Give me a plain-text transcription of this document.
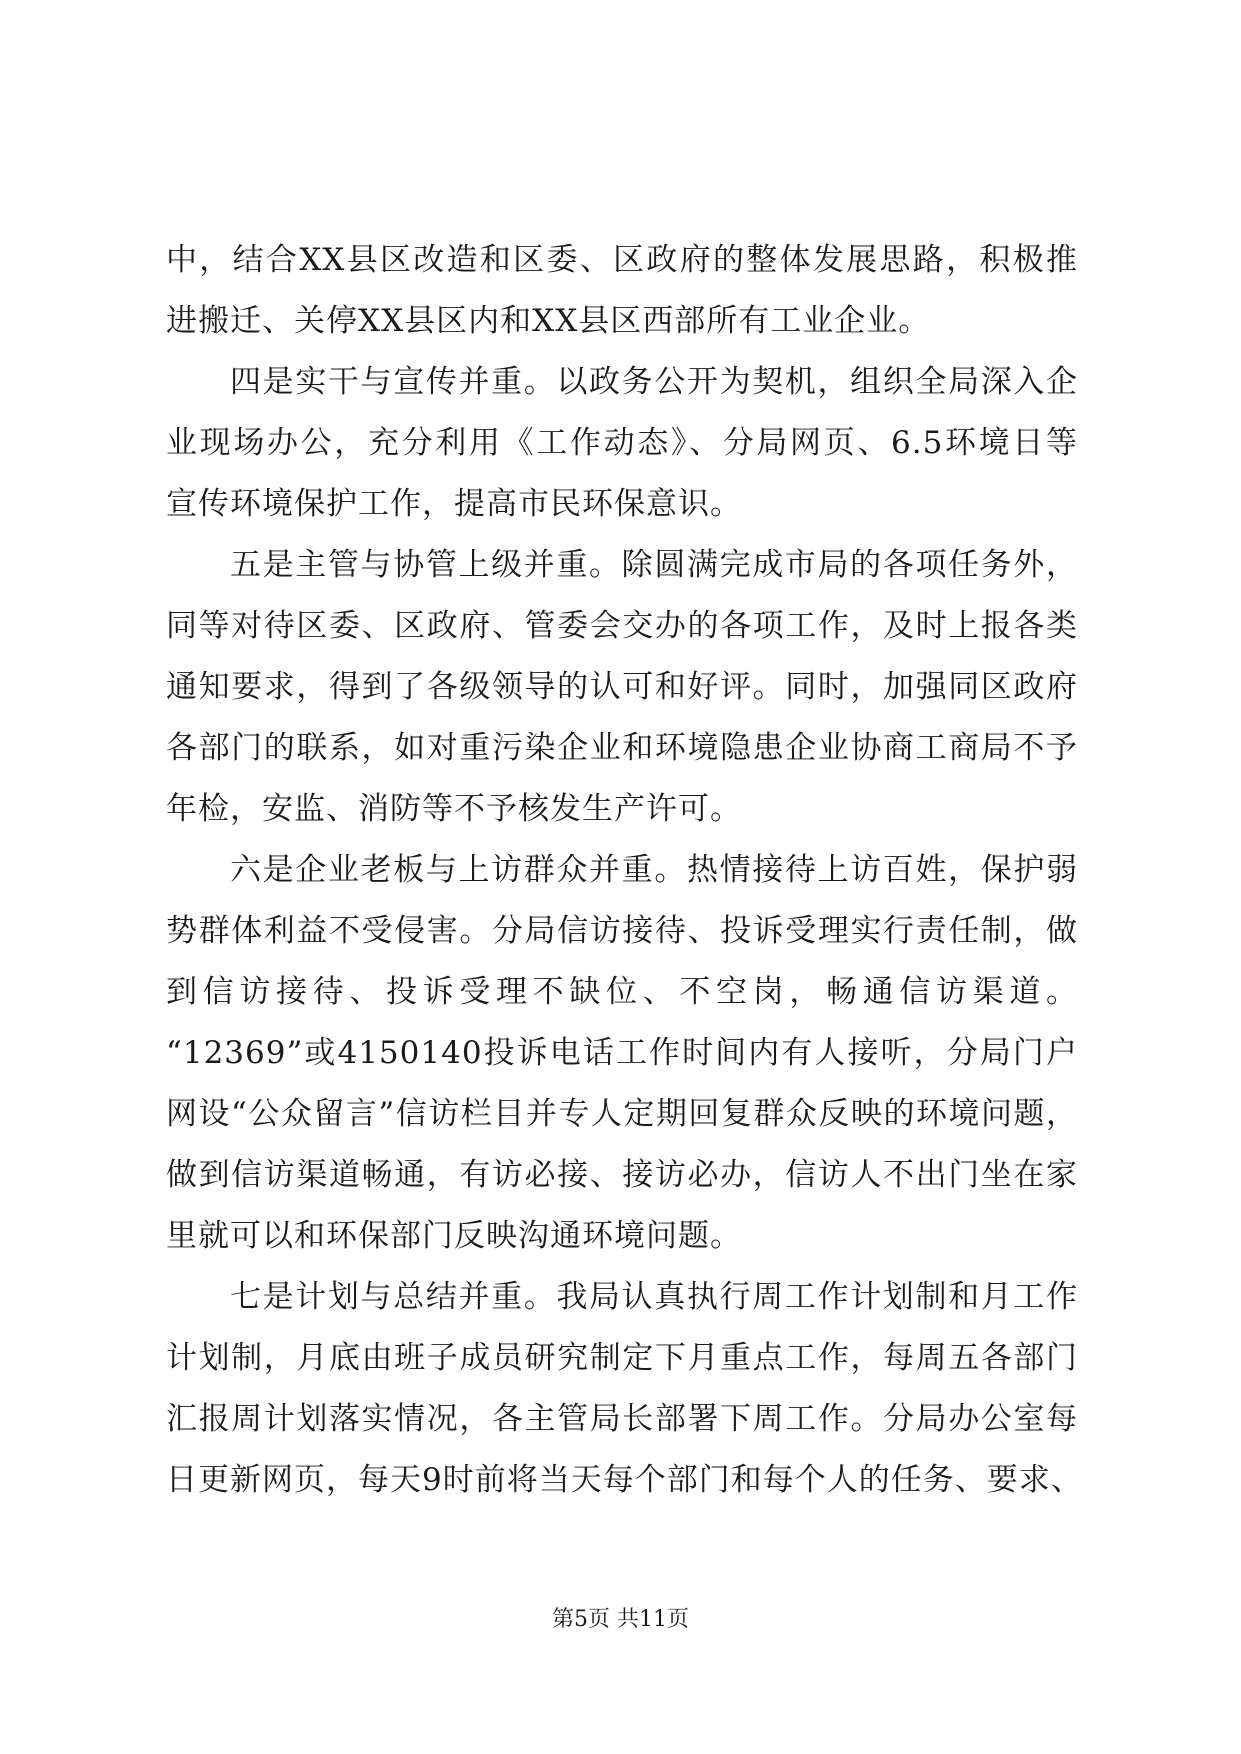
中，结合XX县区改造和区委、区政府的整体发展思路，积极推
进搬迁、关停XX县区内和XX县区西部所有工业企业。
四是实干与宣传并重。以政务公开为契机，组织全局深入企
业现场办公，充分利用《工作动态》、分局网页、6.5环境日等
宣传环境保护工作，提高市民环保意识。
五是主管与协管上级并重。除圆满完成市局的各项任务外，
同等对待区委、区政府、管委会交办的各项工作，及时上报各类
通知要求，得到了各级领导的认可和好评。同时，加强同区政府
各部门的联系，如对重污染企业和环境隐患企业协商工商局不予
年检，安监、消防等不予核发生产许可。
六是企业老板与上访群众并重。热情接待上访百姓，保护弱
势群体利益不受侵害。分局信访接待、投诉受理实行责任制，做
到信访接待、投诉受理不缺位、不空岗，畅通信访渠道。
“12369”或4150140投诉电话工作时间内有人接听，分局门户
网设“公众留言”信访栏目并专人定期回复群众反映的环境问题，
做到信访渠道畅通，有访必接、接访必办，信访人不出门坐在家
里就可以和环保部门反映沟通环境问题。
七是计划与总结并重。我局认真执行周工作计划制和月工作
计划制，月底由班子成员研究制定下月重点工作，每周五各部门
汇报周计划落实情况，各主管局长部署下周工作。分局办公室每
日更新网页，每天9时前将当天每个部门和每个人的任务、要求、
第5页 共11页
